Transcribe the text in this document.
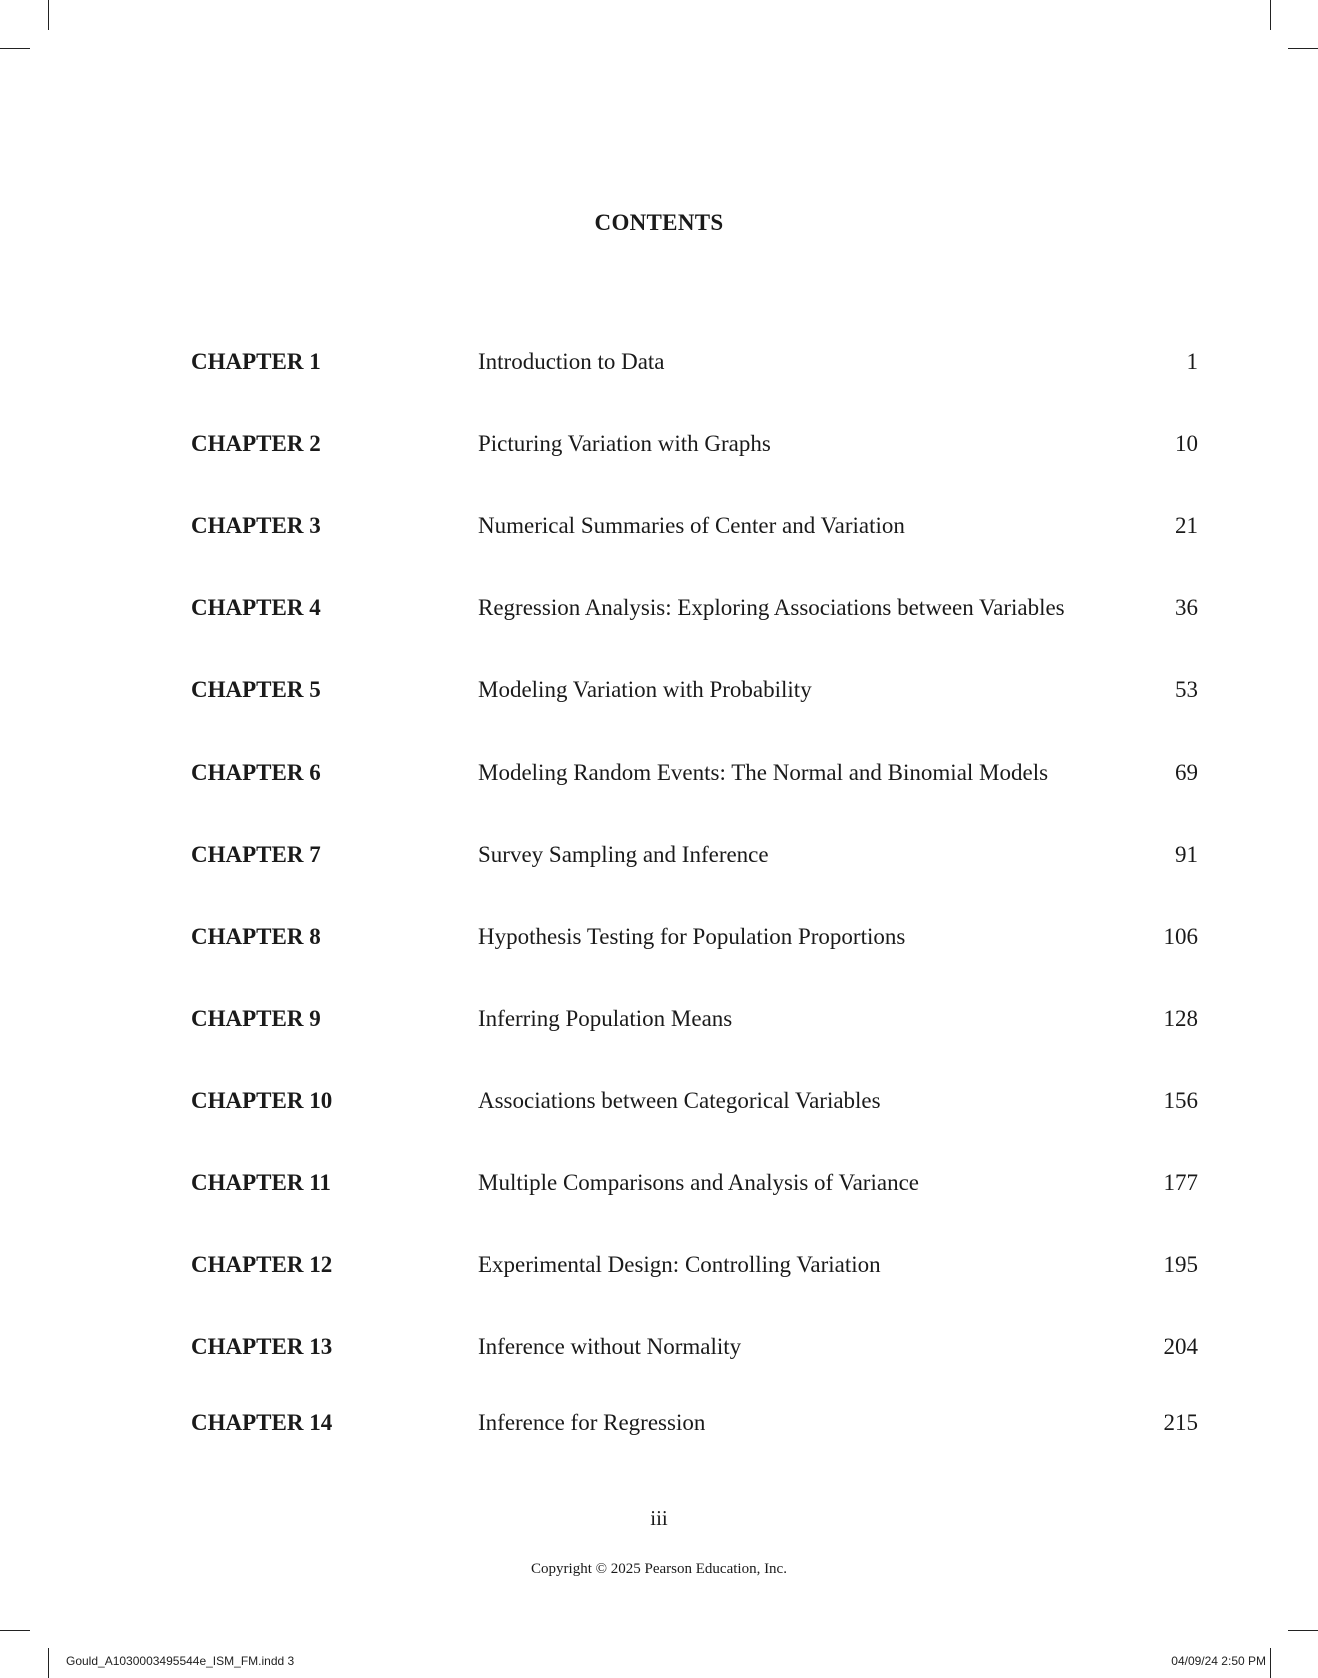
CONTENTS
CHAPTER 1	Introduction to Data	1
CHAPTER 2	Picturing Variation with Graphs	10
CHAPTER 3	Numerical Summaries of Center and Variation	21
CHAPTER 4	Regression Analysis: Exploring Associations between Variables	36
CHAPTER 5	Modeling Variation with Probability	53
CHAPTER 6	Modeling Random Events: The Normal and Binomial Models	69
CHAPTER 7	Survey Sampling and Inference	91
CHAPTER 8	Hypothesis Testing for Population Proportions	106
CHAPTER 9	Inferring Population Means	128
CHAPTER 10	Associations between Categorical Variables	156
CHAPTER 11	Multiple Comparisons and Analysis of Variance	177
CHAPTER 12	Experimental Design: Controlling Variation	195
CHAPTER 13	Inference without Normality	204
CHAPTER 14	Inference for Regression	215
iii
Copyright © 2025 Pearson Education, Inc.
Gould_A1030003495544e_ISM_FM.indd 3	04/09/24 2:50 PM
